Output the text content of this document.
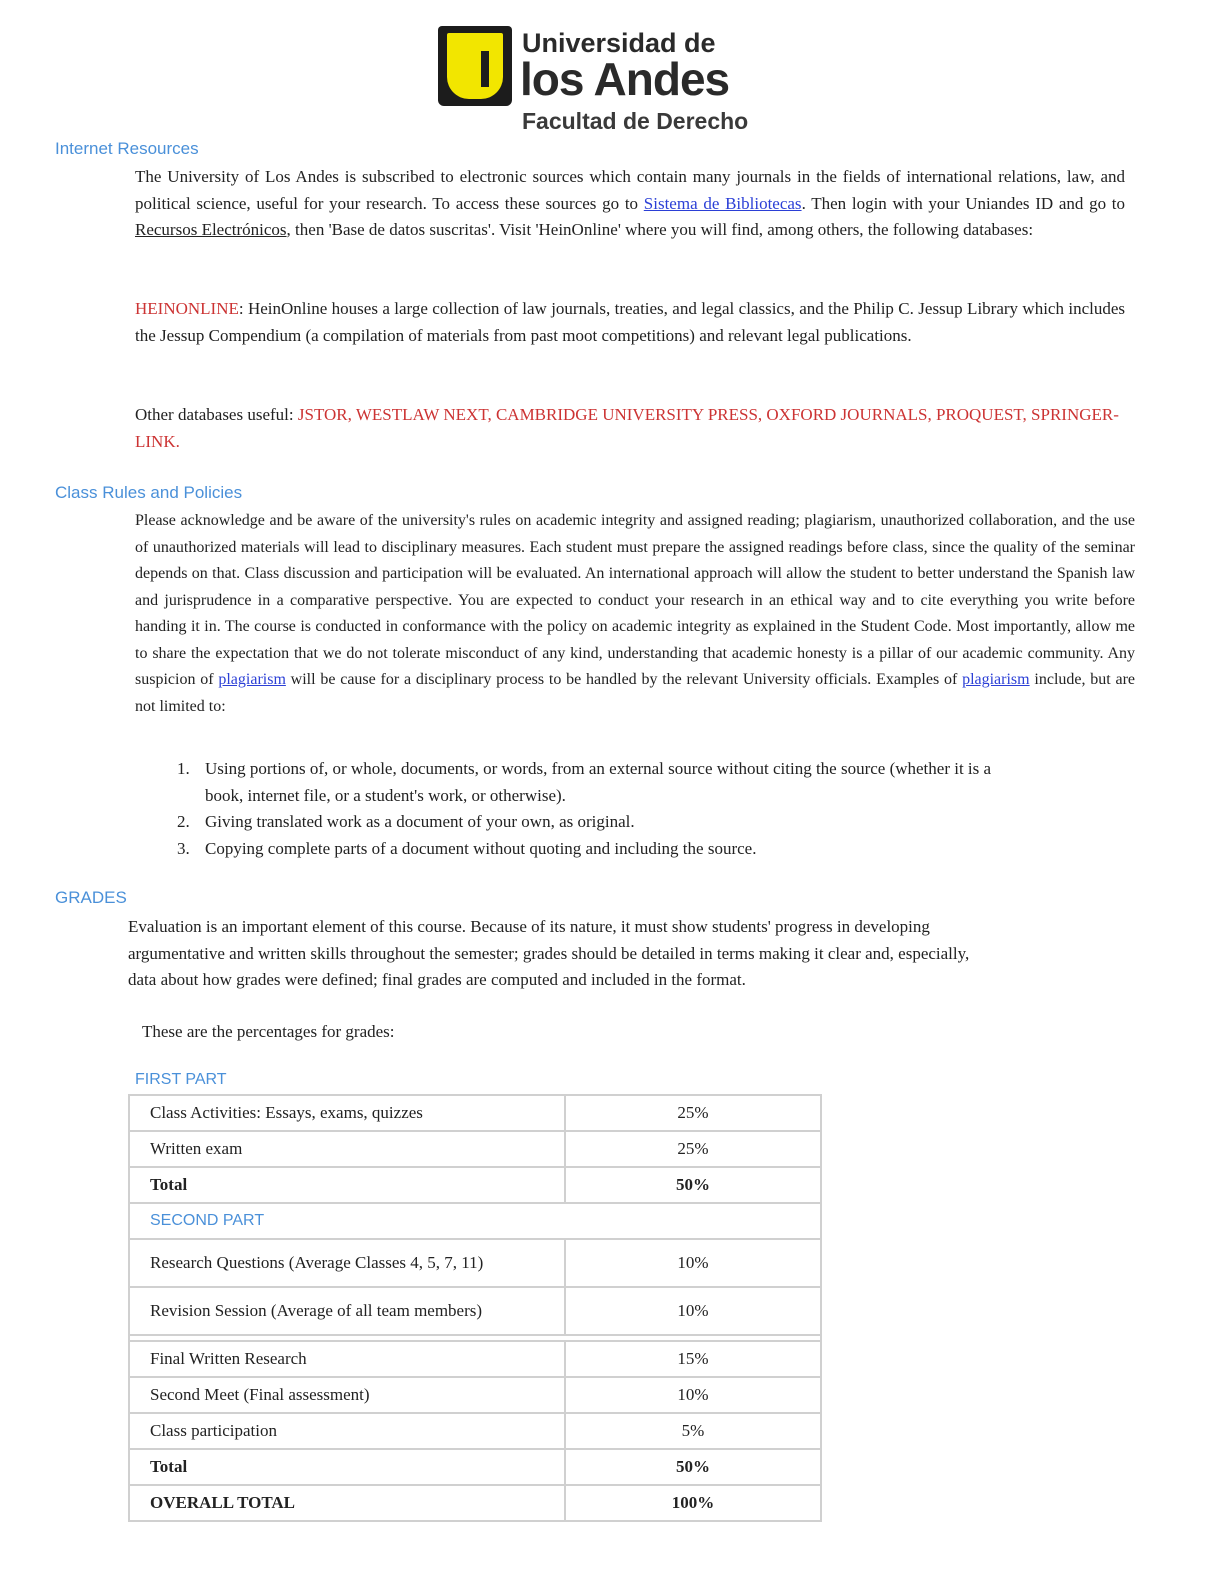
Universidad de
los Andes
Facultad de Derecho
Internet Resources

The University of Los Andes is subscribed to electronic sources which contain many journals in the fields of international relations, law, and political science, useful for your research. To access these sources go to Sistema de Bibliotecas. Then login with your Uniandes ID and go to Recursos Electrónicos, then 'Base de datos suscritas'. Visit 'HeinOnline' where you will find, among others, the following databases:

HEINONLINE: HeinOnline houses a large collection of law journals, treaties, and legal classics, and the Philip C. Jessup Library which includes the Jessup Compendium (a compilation of materials from past moot competitions) and relevant legal publications.

Other databases useful: JSTOR, WESTLAW NEXT, CAMBRIDGE UNIVERSITY PRESS, OXFORD JOURNALS, PROQUEST, SPRINGER-LINK.

Class Rules and Policies

Please acknowledge and be aware of the university's rules on academic integrity and assigned reading; plagiarism, unauthorized collaboration, and the use of unauthorized materials will lead to disciplinary measures. Each student must prepare the assigned readings before class, since the quality of the seminar depends on that. Class discussion and participation will be evaluated. An international approach will allow the student to better understand the Spanish law and jurisprudence in a comparative perspective. You are expected to conduct your research in an ethical way and to cite everything you write before handing it in. The course is conducted in conformance with the policy on academic integrity as explained in the Student Code. Most importantly, allow me to share the expectation that we do not tolerate misconduct of any kind, understanding that academic honesty is a pillar of our academic community. Any suspicion of plagiarism will be cause for a disciplinary process to be handled by the relevant University officials. Examples of plagiarism include, but are not limited to:

1. Using portions of, or whole, documents, or words, from an external source without citing the source (whether it is a book, internet file, or a student's work, or otherwise).
2. Giving translated work as a document of your own, as original.
3. Copying complete parts of a document without quoting and including the source.
GRADES

Evaluation is an important element of this course. Because of its nature, it must show students' progress in developing argumentative and written skills throughout the semester; grades should be detailed in terms making it clear and, especially, data about how grades were defined; final grades are computed and included in the format.

These are the percentages for grades:

FIRST PART
Class Activities: Essays, exams, quizzes	25%
Written exam	25%
Total	50%
SECOND PART	
Research Questions (Average Classes 4, 5, 7, 11)	10%
Revision Session (Average of all team members)	10%

Final Written Research	15%
Second Meet (Final assessment)	10%
Class participation	5%
Total	50%
OVERALL TOTAL	100%
